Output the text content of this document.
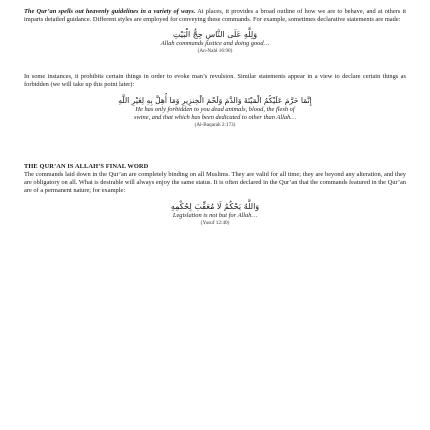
The Qur’an spells out heavenly guidelines in a variety of ways. At places, it provides a broad outline of how we are to behave, and at others it imparts detailed guidance. Different styles are employed for conveying these commands. For example, sometimes declarative statements are made:

وَلِلَّهِ عَلَى النَّاسِ حِجُّ الْبَيْتِ
Allah commands justice and doing good…
(An-Nahl 16:90)

In some instances, it prohibits certain things in order to evoke man’s revulsion. Similar statements appear in a view to declare certain things as forbidden (we will take up this point later):

إِنَّمَا حَرَّمَ عَلَيْكُمُ الْمَيْتَةَ وَالدَّمَ وَلَحْمَ الْخِنزِيرِ وَمَا أُهِلَّ بِهِ لِغَيْرِ اللَّهِ
He has only forbidden to you dead animals, blood, the flesh of
swine, and that which has been dedicated to other than Allah…
(Al-Baqarah 2:173)

THE QUR’AN IS ALLAH’S FINAL WORD

The commands laid down in the Qur’an are completely binding on all Muslims. They are valid for all time; they are beyond any alteration, and they are obligatory on all. What is desirable will always enjoy the same status. It is often declared in the Qur’an that the commands featured in the Qur’an are of a permanent nature; for example:

وَاللَّهُ يَحْكُمُ لَا مُعَقِّبَ لِحُكْمِهِ
Legislation is not but for Allah…
(Yusuf 12:40)
